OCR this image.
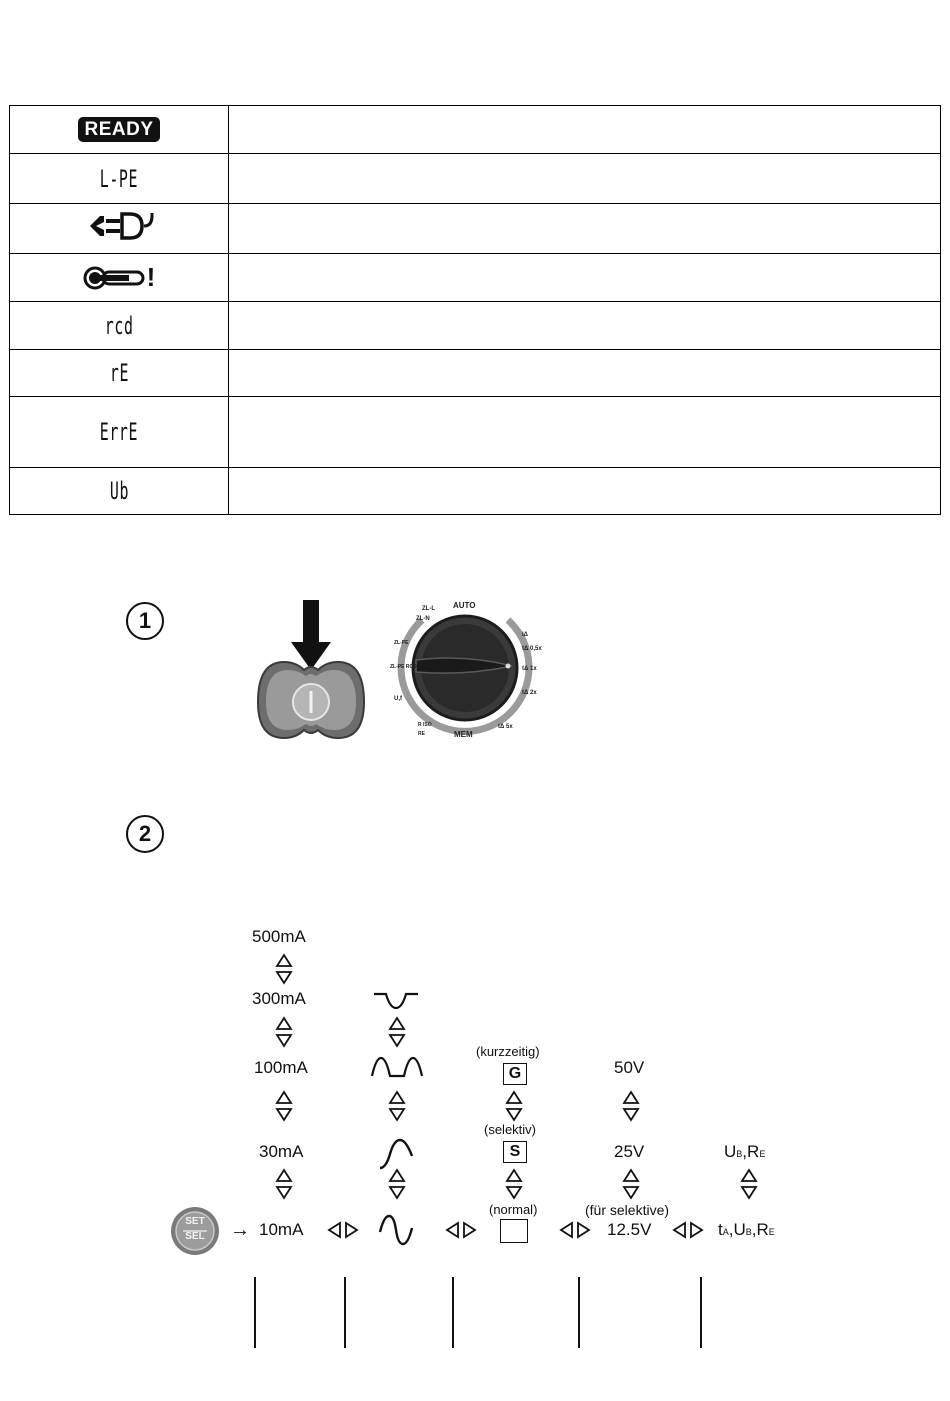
READY	
L-PE	

!	
rcd	
rE	
ErrE	
Ub	
1
AUTO
MEM
IΔ
tΔ 0,5x
tΔ 1x
tΔ 2x
tΔ 5x
ZL-L
ZL-N
ZL-PE
ZL-PE RCD
U,f
R ISO
RE
2
500mA
300mA
100mA
30mA
(kurzzeitig)
G
(selektiv)
S
(normal)
50V
25V
(für selektive)
12.5V
UB,RE
tA,UB,RE
SET
SEL	→ 10mA
